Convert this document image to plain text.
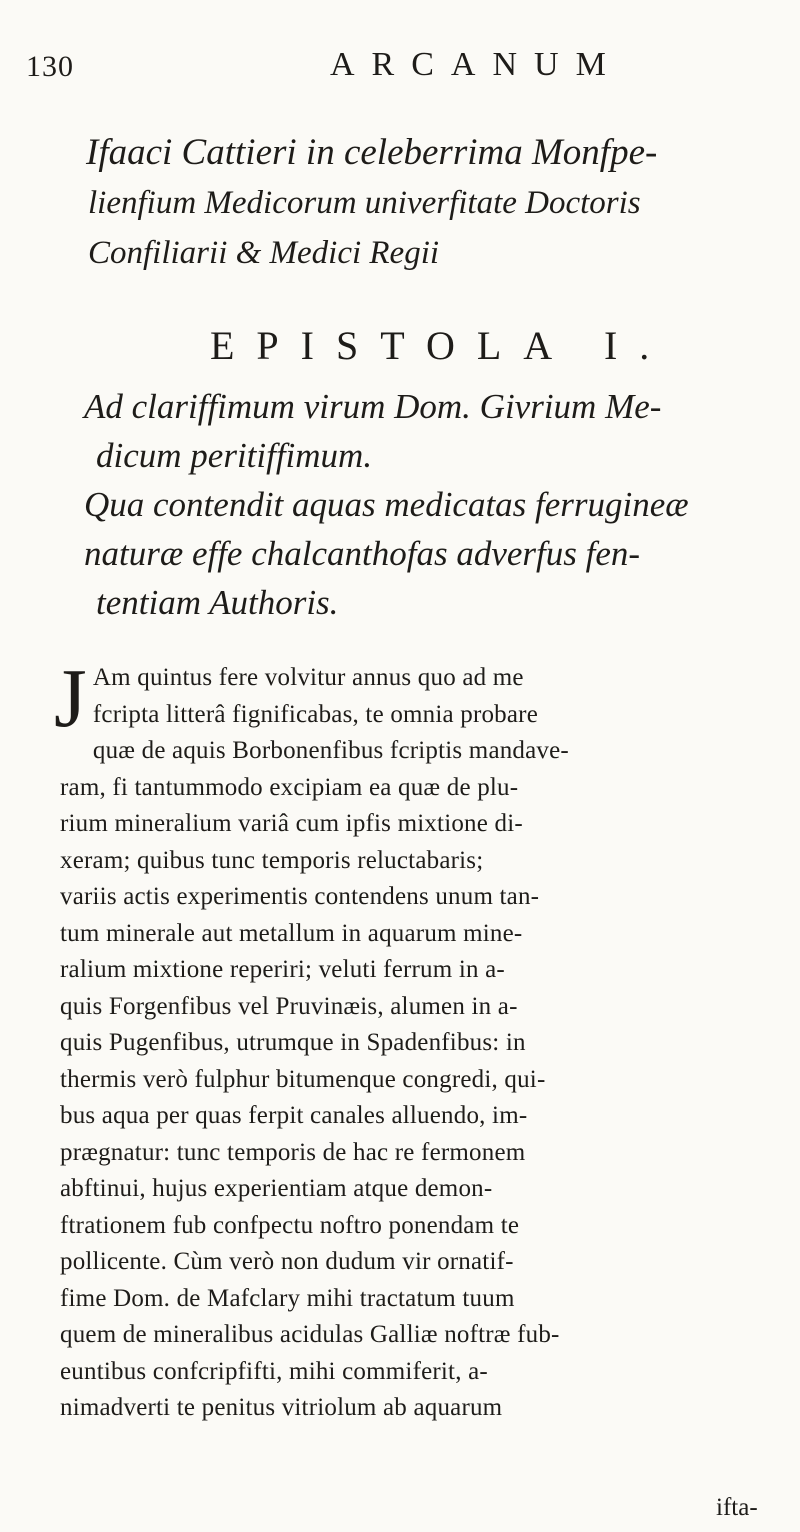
130	ARCANUM
Ifaaci Cattieri in celeberrima Monfpe-
lienfium Medicorum univerfitate Doctoris
Confiliarii & Medici Regii
EPISTOLA I.
Ad clariffimum virum Dom. Givrium Me-
dicum peritiffimum.
Qua contendit aquas medicatas ferrugineæ
naturæ effe chalcanthofas adverfus fen-
tentiam Authoris.
J Am quintus fere volvitur annus quo ad me
fcripta litterâ fignificabas, te omnia probare
quæ de aquis Borbonenfibus fcriptis mandave-
ram, fi tantummodo excipiam ea quæ de plu-
rium mineralium variâ cum ipfis mixtione di-
xeram; quibus tunc temporis reluctabaris;
variis actis experimentis contendens unum tan-
tum minerale aut metallum in aquarum mine-
ralium mixtione reperiri; veluti ferrum in a-
quis Forgenfibus vel Pruvinæis, alumen in a-
quis Pugenfibus, utrumque in Spadenfibus: in
thermis verò fulphur bitumenque congredi, qui-
bus aqua per quas ferpit canales alluendo, im-
prægnatur: tunc temporis de hac re fermonem
abftinui, hujus experientiam atque demon-
ftrationem fub confpectu noftro ponendam te
pollicente. Cùm verò non dudum vir ornatif-
fime Dom. de Mafclary mihi tractatum tuum
quem de mineralibus acidulas Galliæ noftræ fub-
euntibus confcripfifti, mihi commiferit, a-
nimadverti te penitus vitriolum ab aquarum
ifta-
